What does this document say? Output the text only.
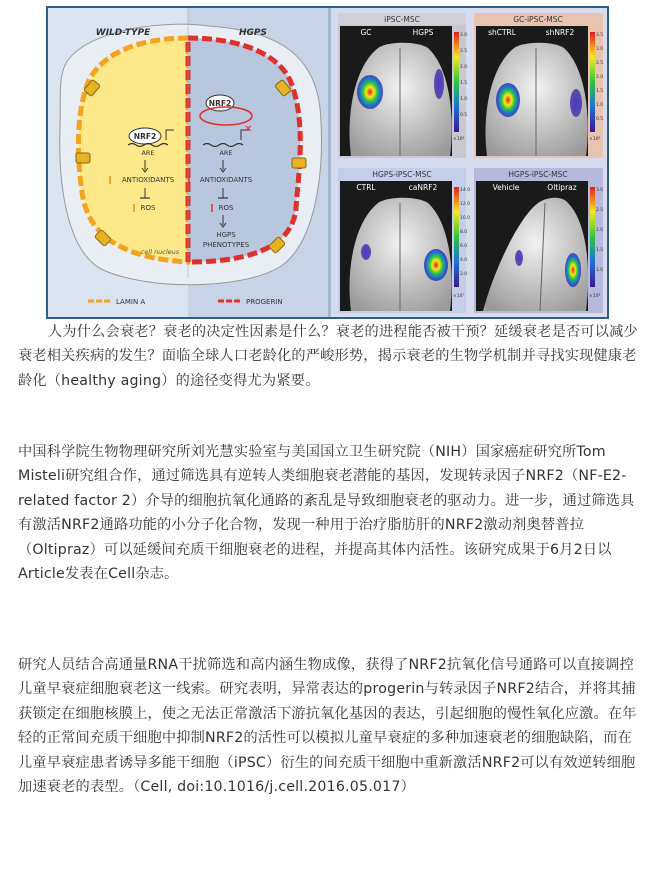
WILD-TYPE	HGPS
NRF2
ARE
ANTIOXIDANTS
ROS
NRF2
✕
ARE
ANTIOXIDANTS
ROS
HGPS
PHENOTYPES
cell nucleus
LAMIN A	PROGERIN
iPSC-MSC
GC	HGPS	3.0
2.5
2.0
1.5
1.0
0.5
×10⁸
GC-iPSC-MSC
shCTRL	shNRF2	3.5
3.0
2.5
2.0
1.5
1.0
0.5
×10⁸
HGPS-iPSC-MSC
CTRL	caNRF2	14.0
12.0
10.0
8.0
6.0
4.0
2.0
×10⁷
HGPS-iPSC-MSC
Vehicle	Oltipraz	3.0
2.5
2.0
1.5
1.0
×10⁸

人为什么会衰老？衰老的决定性因素是什么？衰老的进程能否被干预？延缓衰老是否可以减少衰老相关疾病的发生？面临全球人口老龄化的严峻形势，揭示衰老的生物学机制并寻找实现健康老龄化（healthy aging）的途径变得尤为紧要。

中国科学院生物物理研究所刘光慧实验室与美国国立卫生研究院（NIH）国家癌症研究所Tom Misteli研究组合作，通过筛选具有逆转人类细胞衰老潜能的基因，发现转录因子NRF2（NF-E2-related factor 2）介导的细胞抗氧化通路的紊乱是导致细胞衰老的驱动力。进一步，通过筛选具有激活NRF2通路功能的小分子化合物，发现一种用于治疗脂肪肝的NRF2激动剂奥替普拉（Oltipraz）可以延缓间充质干细胞衰老的进程，并提高其体内活性。该研究成果于6月2日以Article发表在Cell杂志。

研究人员结合高通量RNA干扰筛选和高内涵生物成像，获得了NRF2抗氧化信号通路可以直接调控儿童早衰症细胞衰老这一线索。研究表明，异常表达的progerin与转录因子NRF2结合，并将其捕获锁定在细胞核膜上，使之无法正常激活下游抗氧化基因的表达，引起细胞的慢性氧化应激。在年轻的正常间充质干细胞中抑制NRF2的活性可以模拟儿童早衰症的多种加速衰老的细胞缺陷，而在儿童早衰症患者诱导多能干细胞（iPSC）衍生的间充质干细胞中重新激活NRF2可以有效逆转细胞加速衰老的表型。（Cell, doi:10.1016/j.cell.2016.05.017）
